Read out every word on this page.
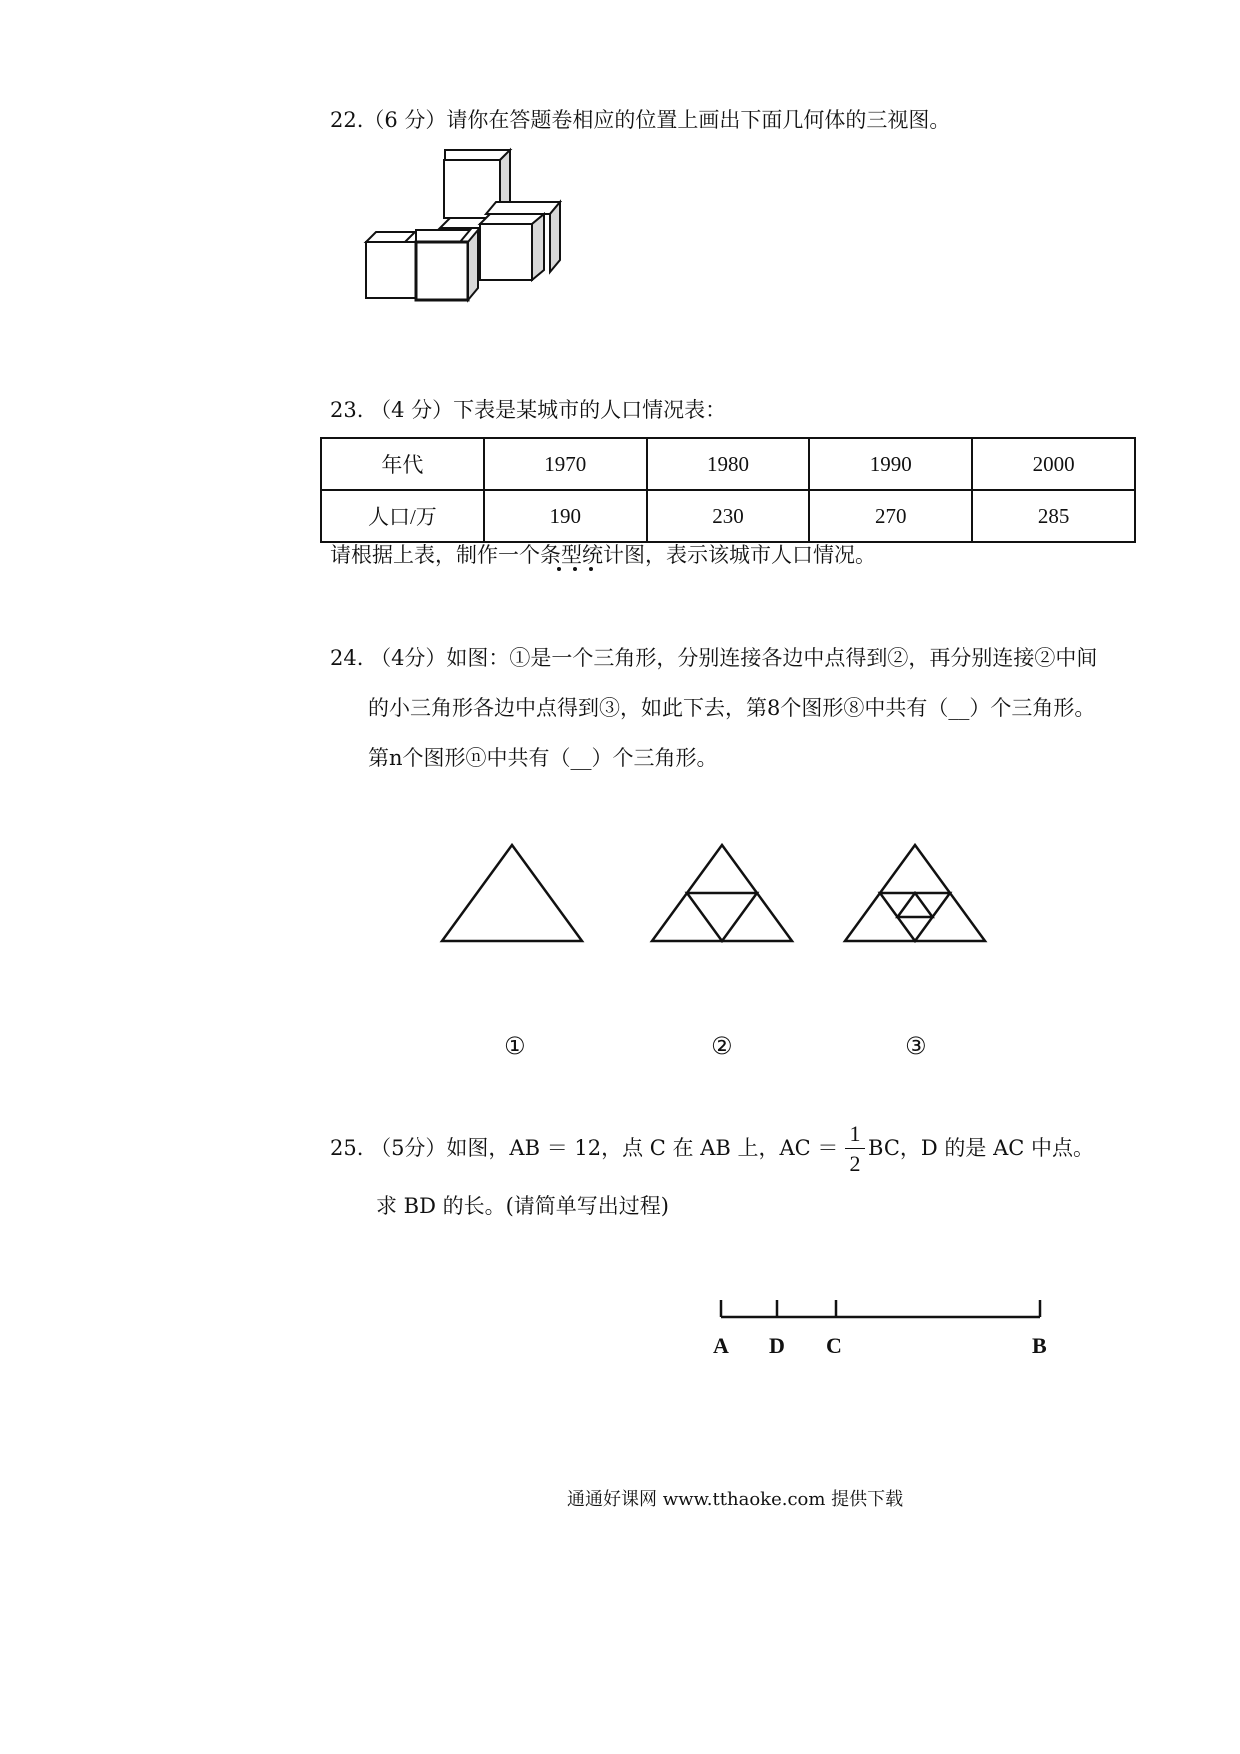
22.（6 分）请你在答题卷相应的位置上画出下面几何体的三视图。
23. （4 分）下表是某城市的人口情况表：
年代	1970	1980	1990	2000
人口/万	190	230	270	285
请根据上表，制作一个条型统计图，表示该城市人口情况。
24. （4分）如图：①是一个三角形，分别连接各边中点得到②，再分别连接②中间
的小三角形各边中点得到③，如此下去，第8个图形⑧中共有（__）个三角形。
第n个图形ⓝ中共有（__）个三角形。
①	②	③
25. （5分）如图，AB ＝ 12，点 C 在 AB 上，AC ＝
1
2
BC，D 的是 AC 中点。
求 BD 的长。(请简单写出过程)
A D C	B
通通好课网 www.tthaoke.com 提供下载
